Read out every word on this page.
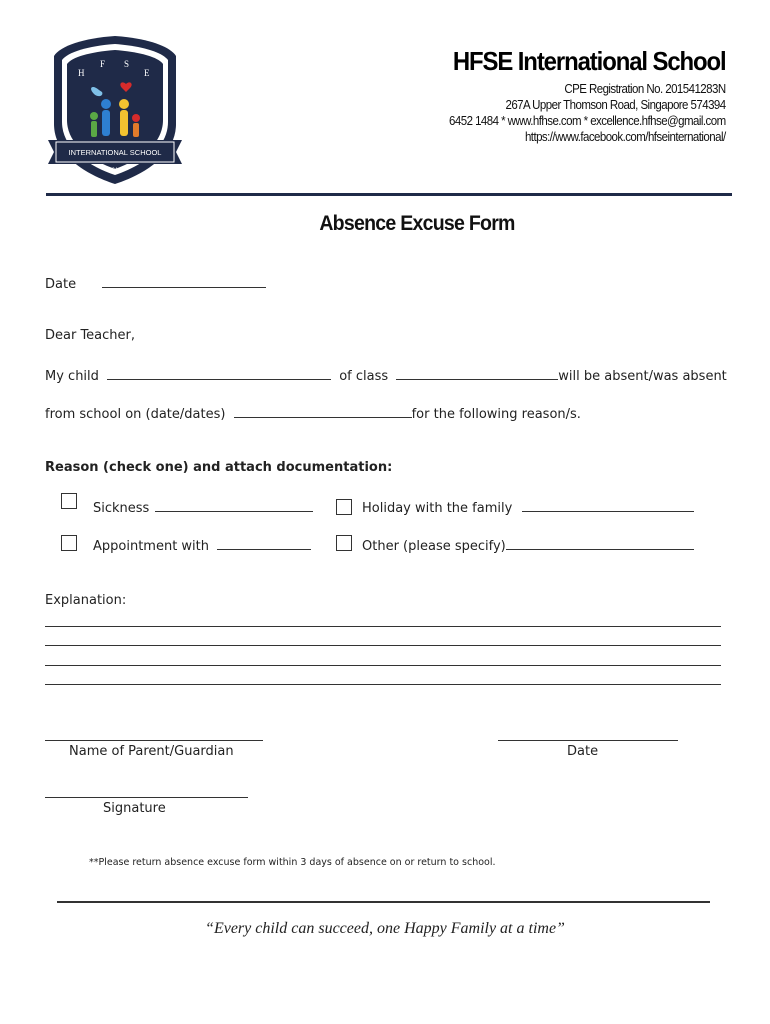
H
F S
E
INTERNATIONAL SCHOOL
2015
HFSE International School
CPE Registration No. 201541283N
267A Upper Thomson Road, Singapore 574394
6452 1484 * www.hfhse.com * excellence.hfhse@gmail.com
https://www.facebook.com/hfseinternational/
Absence Excuse Form
Date
Dear Teacher,
My child	of class	will be absent/was absent
from school on (date/dates)	for the following reason/s.
Reason (check one) and attach documentation:
Sickness	Holiday with the family
Appointment with	Other (please specify)
Explanation:
Name of Parent/Guardian	Date
Signature
**Please return absence excuse form within 3 days of absence on or return to school.
“Every child can succeed, one Happy Family at a time”
